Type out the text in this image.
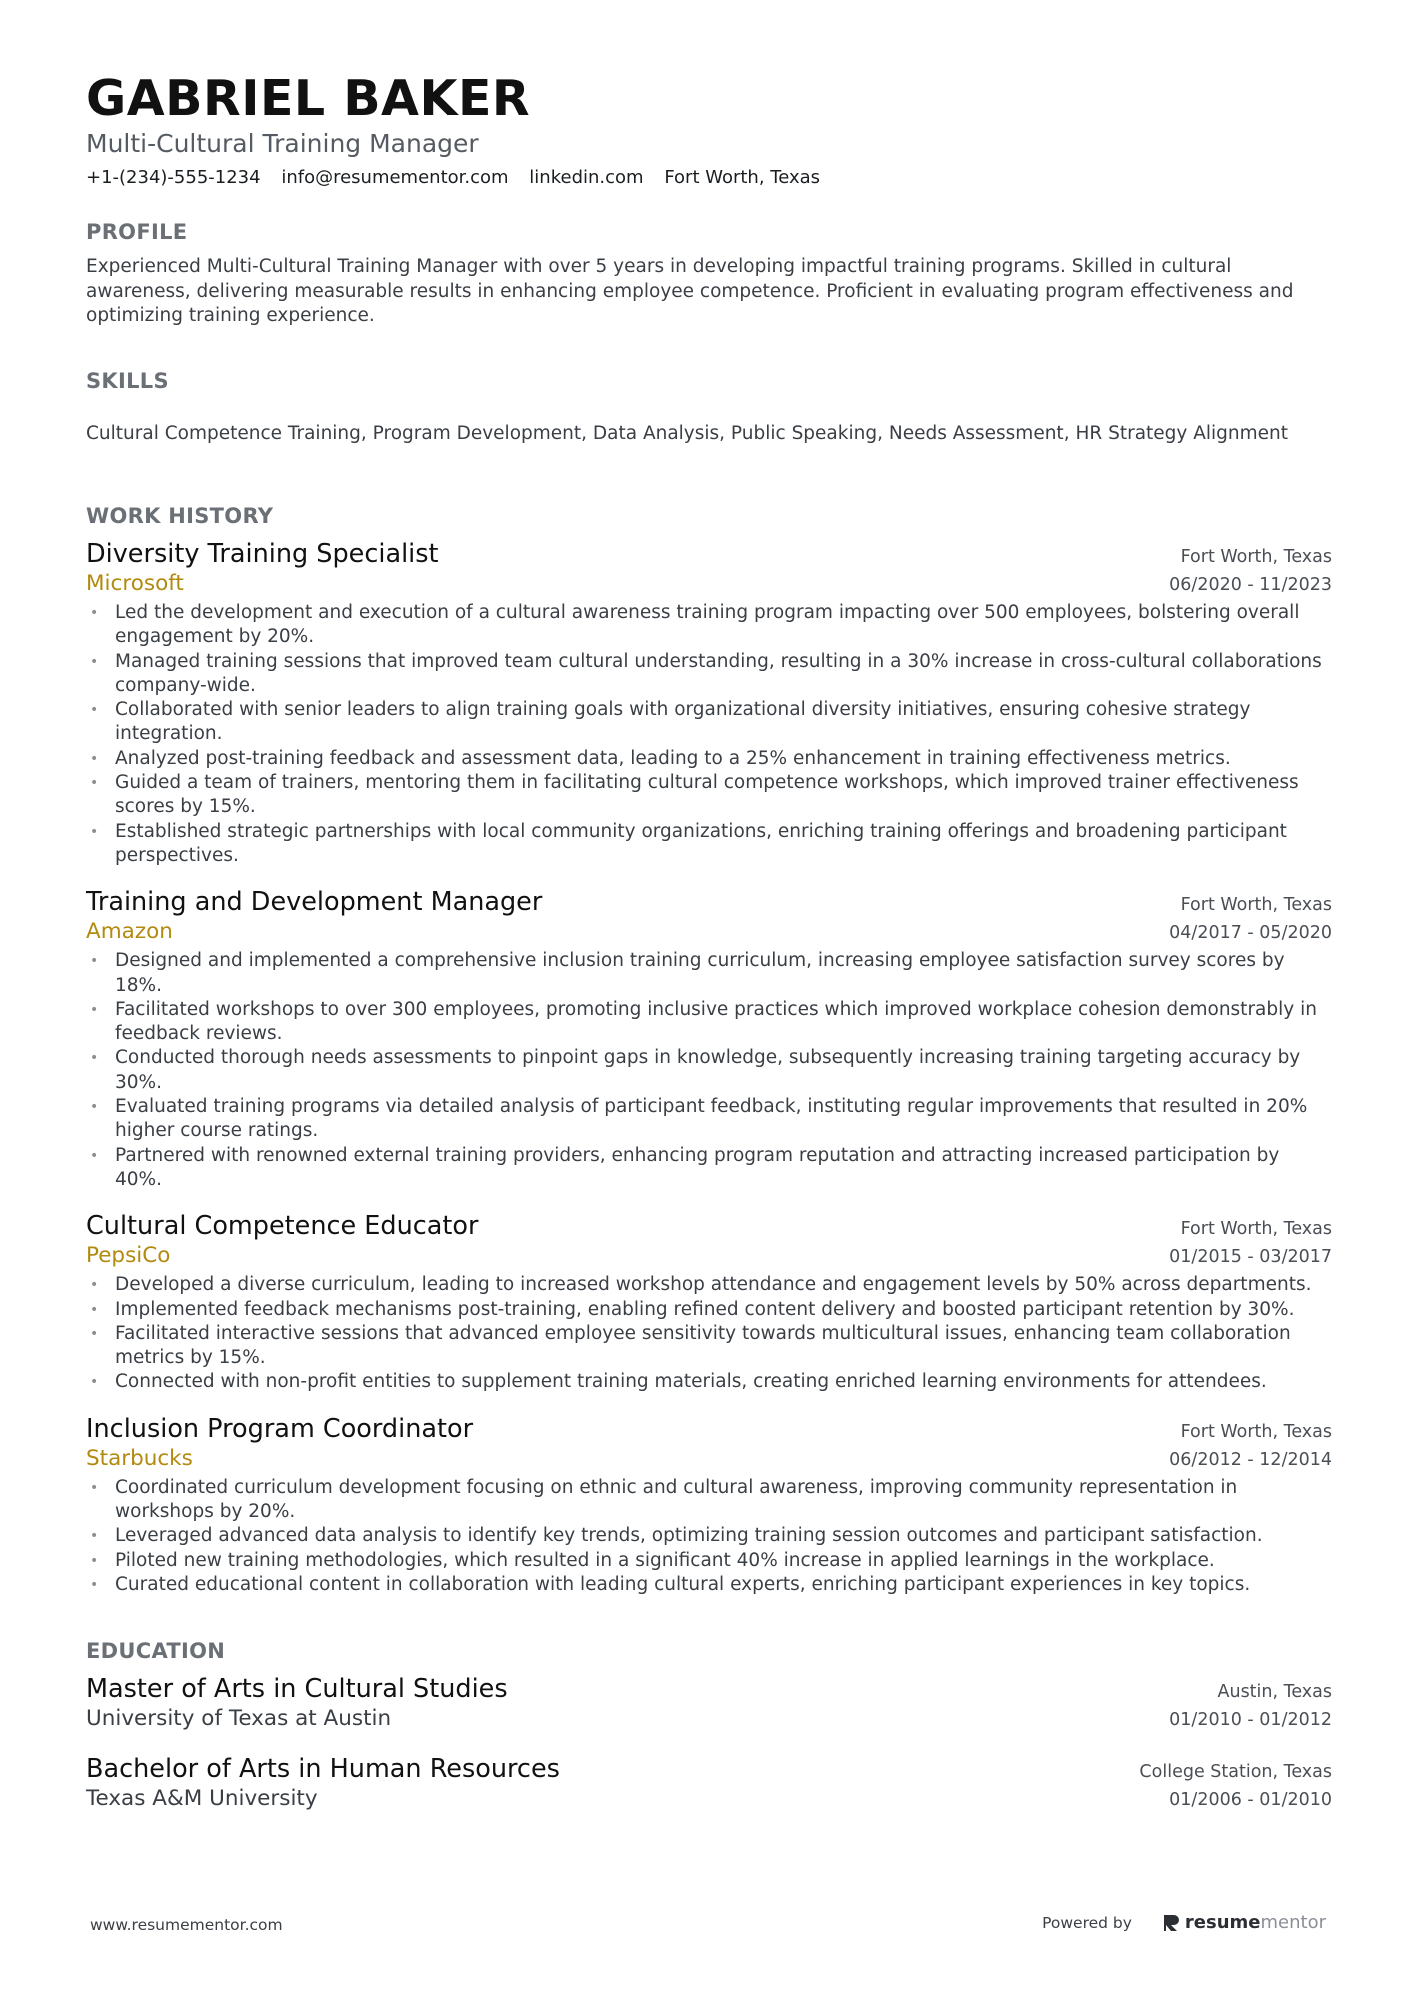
GABRIEL BAKER

Multi-Cultural Training Manager

+1-(234)-555-1234 info@resumementor.com linkedin.com Fort Worth, Texas
PROFILE
Experienced Multi-Cultural Training Manager with over 5 years in developing impactful training programs. Skilled in cultural awareness, delivering measurable results in enhancing employee competence. Proficient in evaluating program effectiveness and optimizing training experience.
SKILLS
Cultural Competence Training, Program Development, Data Analysis, Public Speaking, Needs Assessment, HR Strategy Alignment
WORK HISTORY
Diversity Training Specialist	Fort Worth, Texas
Microsoft	06/2020 - 11/2023
• Led the development and execution of a cultural awareness training program impacting over 500 employees, bolstering overall engagement by 20%.
• Managed training sessions that improved team cultural understanding, resulting in a 30% increase in cross-cultural collaborations company-wide.
• Collaborated with senior leaders to align training goals with organizational diversity initiatives, ensuring cohesive strategy integration.
• Analyzed post-training feedback and assessment data, leading to a 25% enhancement in training effectiveness metrics.
• Guided a team of trainers, mentoring them in facilitating cultural competence workshops, which improved trainer effectiveness scores by 15%.
• Established strategic partnerships with local community organizations, enriching training offerings and broadening participant perspectives.
Training and Development Manager	Fort Worth, Texas
Amazon	04/2017 - 05/2020
• Designed and implemented a comprehensive inclusion training curriculum, increasing employee satisfaction survey scores by 18%.
• Facilitated workshops to over 300 employees, promoting inclusive practices which improved workplace cohesion demonstrably in feedback reviews.
• Conducted thorough needs assessments to pinpoint gaps in knowledge, subsequently increasing training targeting accuracy by 30%.
• Evaluated training programs via detailed analysis of participant feedback, instituting regular improvements that resulted in 20% higher course ratings.
• Partnered with renowned external training providers, enhancing program reputation and attracting increased participation by 40%.
Cultural Competence Educator	Fort Worth, Texas
PepsiCo	01/2015 - 03/2017
• Developed a diverse curriculum, leading to increased workshop attendance and engagement levels by 50% across departments.
• Implemented feedback mechanisms post-training, enabling refined content delivery and boosted participant retention by 30%.
• Facilitated interactive sessions that advanced employee sensitivity towards multicultural issues, enhancing team collaboration metrics by 15%.
• Connected with non-profit entities to supplement training materials, creating enriched learning environments for attendees.
Inclusion Program Coordinator	Fort Worth, Texas
Starbucks	06/2012 - 12/2014
• Coordinated curriculum development focusing on ethnic and cultural awareness, improving community representation in workshops by 20%.
• Leveraged advanced data analysis to identify key trends, optimizing training session outcomes and participant satisfaction.
• Piloted new training methodologies, which resulted in a significant 40% increase in applied learnings in the workplace.
• Curated educational content in collaboration with leading cultural experts, enriching participant experiences in key topics.
EDUCATION
Master of Arts in Cultural Studies	Austin, Texas
University of Texas at Austin	01/2010 - 01/2012
Bachelor of Arts in Human Resources	College Station, Texas
Texas A&M University	01/2006 - 01/2010
www.resumementor.com	Powered by	resume mentor
